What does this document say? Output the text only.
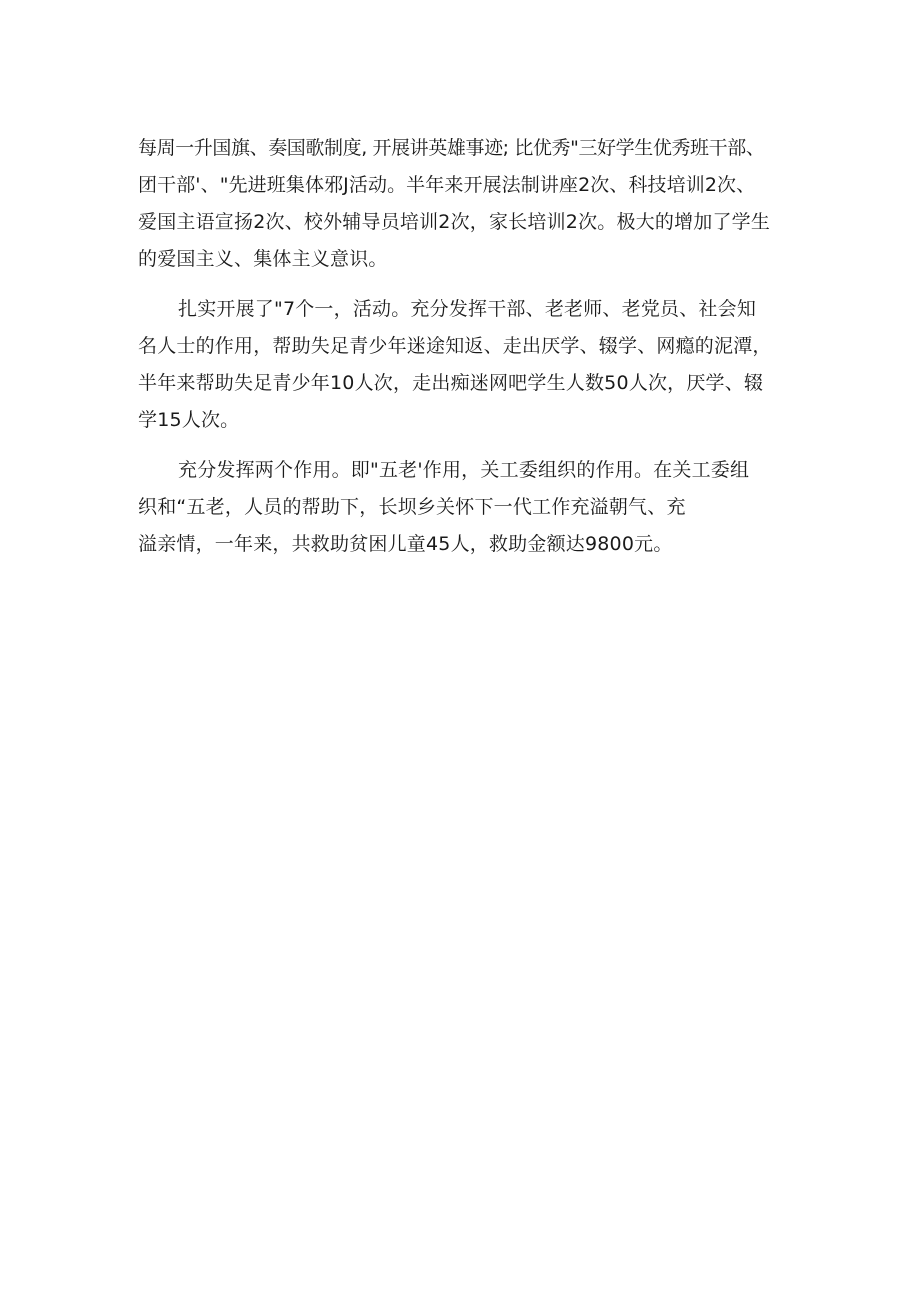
每周一升国旗、奏国歌制度, 开展讲英雄事迹; 比优秀"三好学生优秀班干部、
团干部'、"先进班集体邪J活动。半年来开展法制讲座2次、科技培训2次、
爱国主语宣扬2次、校外辅导员培训2次，家长培训2次。极大的增加了学生
的爱国主义、集体主义意识。
扎实开展了"7个一，活动。充分发挥干部、老老师、老党员、社会知
名人士的作用，帮助失足青少年迷途知返、走出厌学、辍学、网瘾的泥潭，
半年来帮助失足青少年10人次，走出痴迷网吧学生人数50人次，厌学、辍
学15人次。
充分发挥两个作用。即"五老'作用，关工委组织的作用。在关工委组
织和“五老，人员的帮助下，长坝乡关怀下一代工作充溢朝气、充
溢亲情，一年来，共救助贫困儿童45人，救助金额达9800元。
